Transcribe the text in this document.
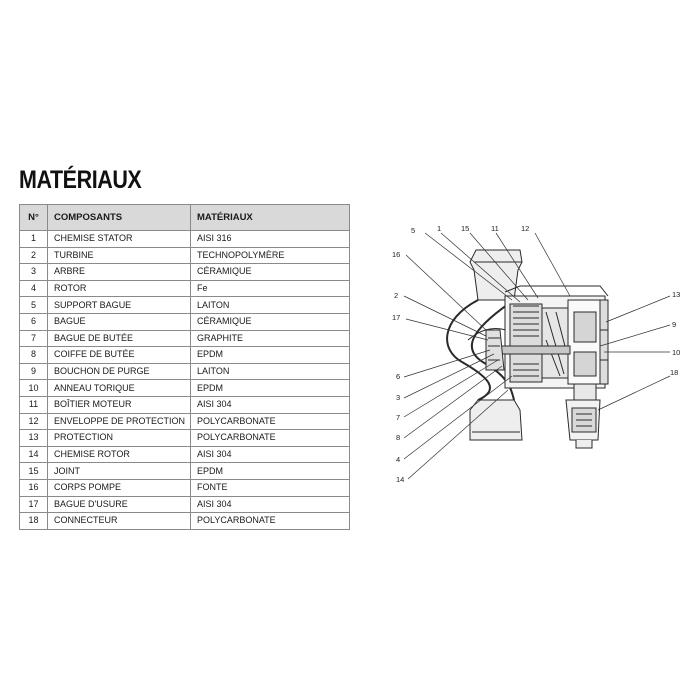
MATÉRIAUX
N°	COMPOSANTS	MATÉRIAUX
1	CHEMISE STATOR	AISI 316
2	TURBINE	TECHNOPOLYMÈRE
3	ARBRE	CÉRAMIQUE
4	ROTOR	Fe
5	SUPPORT BAGUE	LAITON
6	BAGUE	CÉRAMIQUE
7	BAGUE DE BUTÉE	GRAPHITE
8	COIFFE DE BUTÉE	EPDM
9	BOUCHON DE PURGE	LAITON
10	ANNEAU TORIQUE	EPDM
11	BOÎTIER MOTEUR	AISI 304
12	ENVELOPPE DE PROTECTION	POLYCARBONATE
13	PROTECTION	POLYCARBONATE
14	CHEMISE ROTOR	AISI 304
15	JOINT	EPDM
16	CORPS POMPE	FONTE
17	BAGUE D'USURE	AISI 304
18	CONNECTEUR	POLYCARBONATE
5	1	15	11	12
16
2
17
13
9
10
6
3
7
8
4
14
18
